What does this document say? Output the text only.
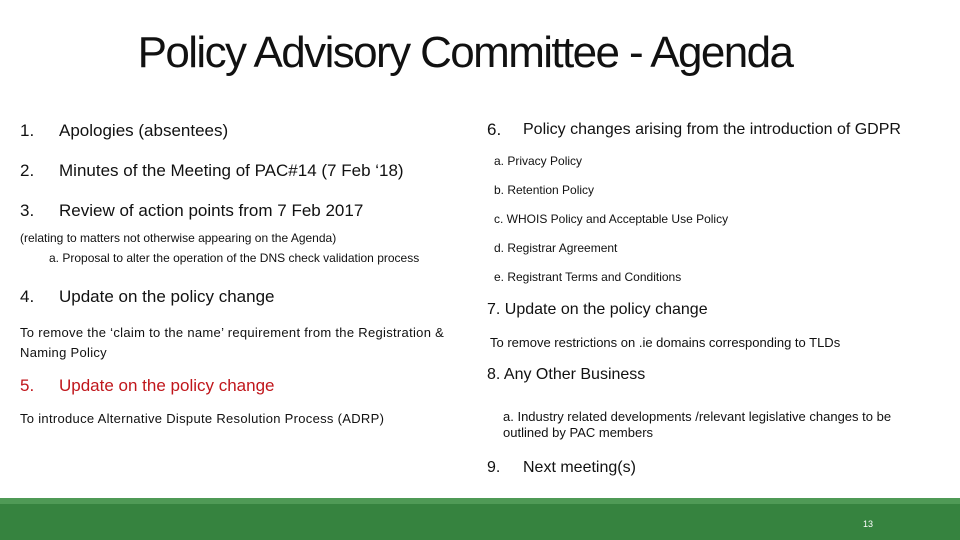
Policy Advisory Committee - Agenda
1. Apologies (absentees)
2. Minutes of the Meeting of PAC#14 (7 Feb ‘18)
3. Review of action points from 7 Feb 2017
(relating to matters not otherwise appearing on the Agenda)
a. Proposal to alter the operation of the DNS check validation process
4. Update on the policy change
To remove the ‘claim to the name’ requirement from the Registration & Naming Policy
5. Update on the policy change
To introduce Alternative Dispute Resolution Process (ADRP)
6. Policy changes arising from the introduction of GDPR
a. Privacy Policy
b. Retention Policy
c. WHOIS Policy and Acceptable Use Policy
d. Registrar Agreement
e. Registrant Terms and Conditions
7. Update on the policy change
To remove restrictions on .ie domains corresponding to TLDs
8. Any Other Business
a. Industry related developments /relevant legislative changes to be outlined by PAC members
9. Next meeting(s)
13
